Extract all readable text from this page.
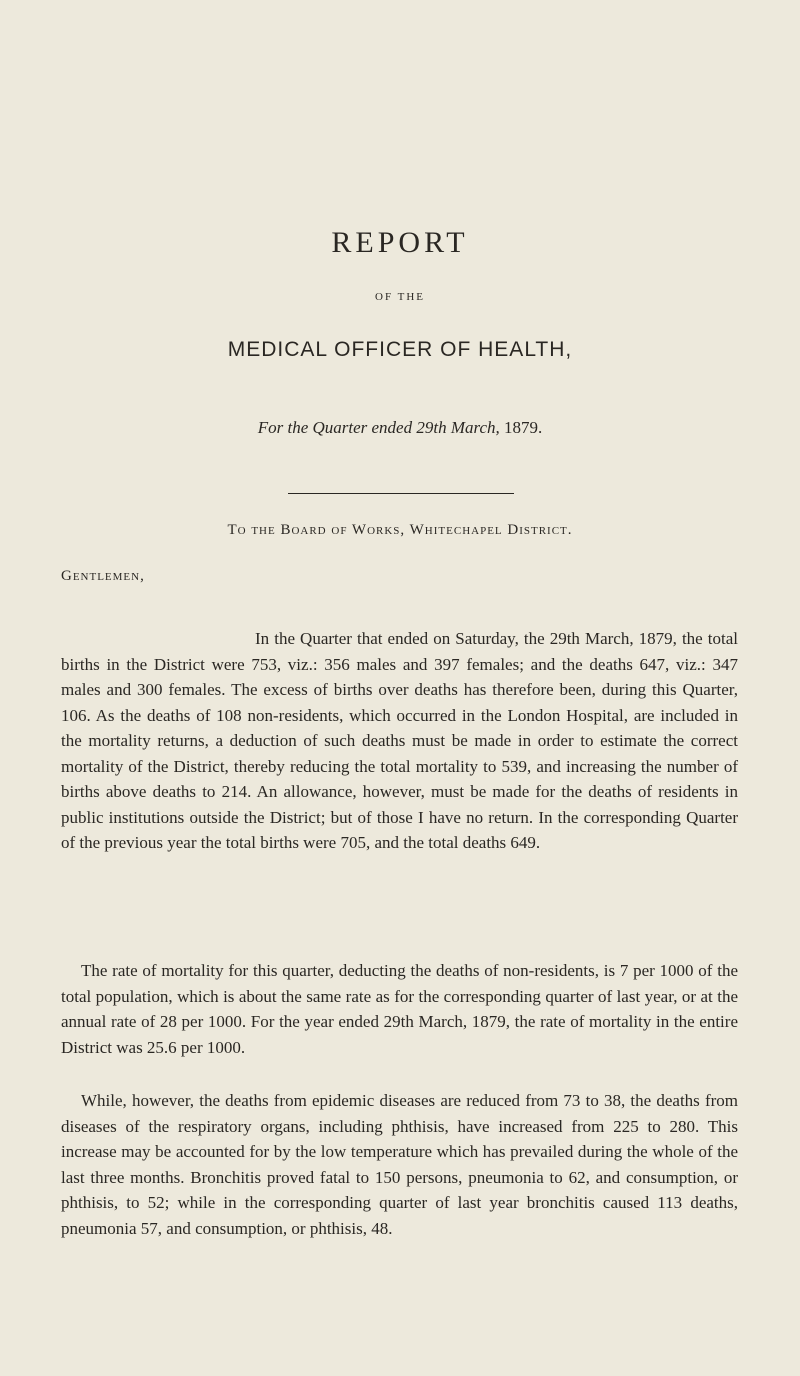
REPORT
OF THE
MEDICAL OFFICER OF HEALTH,
For the Quarter ended 29th March, 1879.
To the Board of Works, Whitechapel District.
Gentlemen,

In the Quarter that ended on Saturday, the 29th March, 1879, the total births in the District were 753, viz.: 356 males and 397 females; and the deaths 647, viz.: 347 males and 300 females. The excess of births over deaths has therefore been, during this Quarter, 106. As the deaths of 108 non-residents, which occurred in the London Hospital, are included in the mortality returns, a deduction of such deaths must be made in order to estimate the correct mortality of the District, thereby reducing the total mortality to 539, and increasing the number of births above deaths to 214. An allowance, however, must be made for the deaths of residents in public institutions outside the District; but of those I have no return. In the corresponding Quarter of the previous year the total births were 705, and the total deaths 649.

The rate of mortality for this quarter, deducting the deaths of non-residents, is 7 per 1000 of the total population, which is about the same rate as for the corresponding quarter of last year, or at the annual rate of 28 per 1000. For the year ended 29th March, 1879, the rate of mortality in the entire District was 25.6 per 1000.

While, however, the deaths from epidemic diseases are reduced from 73 to 38, the deaths from diseases of the respiratory organs, including phthisis, have increased from 225 to 280. This increase may be accounted for by the low temperature which has prevailed during the whole of the last three months. Bronchitis proved fatal to 150 persons, pneumonia to 62, and consumption, or phthisis, to 52; while in the corresponding quarter of last year bronchitis caused 113 deaths, pneumonia 57, and consumption, or phthisis, 48.
